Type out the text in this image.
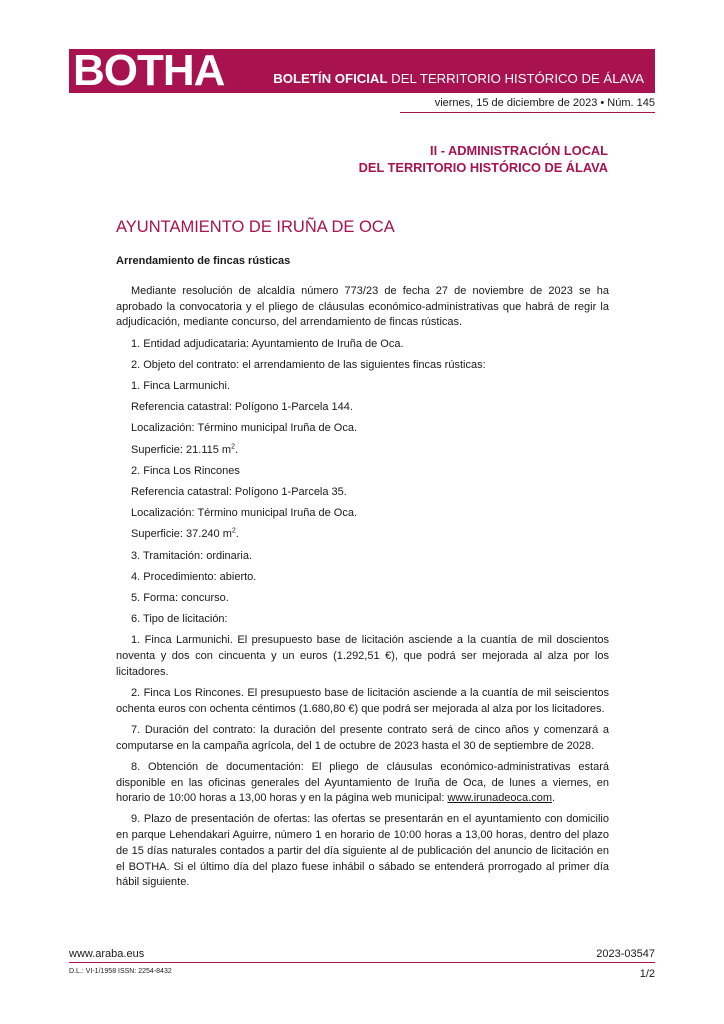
BOTHA	BOLETÍN OFICIAL DEL TERRITORIO HISTÓRICO DE ÁLAVA
viernes, 15 de diciembre de 2023 • Núm. 145
II - ADMINISTRACIÓN LOCAL
DEL TERRITORIO HISTÓRICO DE ÁLAVA
AYUNTAMIENTO DE IRUÑA DE OCA
Arrendamiento de fincas rústicas

Mediante resolución de alcaldía número 773/23 de fecha 27 de noviembre de 2023 se ha aprobado la convocatoria y el pliego de cláusulas económico-administrativas que habrá de regir la adjudicación, mediante concurso, del arrendamiento de fincas rústicas.

1. Entidad adjudicataria: Ayuntamiento de Iruña de Oca.

2. Objeto del contrato: el arrendamiento de las siguientes fincas rústicas:

1. Finca Larmunichi.

Referencia catastral: Polígono 1-Parcela 144.

Localización: Término municipal Iruña de Oca.

Superficie: 21.115 $m^2$.

2. Finca Los Rincones

Referencia catastral: Polígono 1-Parcela 35.

Localización: Término municipal Iruña de Oca.

Superficie: 37.240 $m^2$.

3. Tramitación: ordinaria.

4. Procedimiento: abierto.

5. Forma: concurso.

6. Tipo de licitación:

1. Finca Larmunichi. El presupuesto base de licitación asciende a la cuantía de mil doscientos noventa y dos con cincuenta y un euros (1.292,51 €), que podrá ser mejorada al alza por los licitadores.

2. Finca Los Rincones. El presupuesto base de licitación asciende a la cuantía de mil seiscientos ochenta euros con ochenta céntimos (1.680,80 €) que podrá ser mejorada al alza por los licitadores.

7. Duración del contrato: la duración del presente contrato será de cinco años y comenzará a computarse en la campaña agrícola, del 1 de octubre de 2023 hasta el 30 de septiembre de 2028.

8. Obtención de documentación: El pliego de cláusulas económico-administrativas estará disponible en las oficinas generales del Ayuntamiento de Iruña de Oca, de lunes a viernes, en horario de 10:00 horas a 13,00 horas y en la página web municipal: www.irunadeoca.com.

9. Plazo de presentación de ofertas: las ofertas se presentarán en el ayuntamiento con domicilio en parque Lehendakari Aguirre, número 1 en horario de 10:00 horas a 13,00 horas, dentro del plazo de 15 días naturales contados a partir del día siguiente al de publicación del anuncio de licitación en el BOTHA. Si el último día del plazo fuese inhábil o sábado se entenderá prorrogado al primer día hábil siguiente.

www.araba.eus	2023-03547
D.L.: VI-1/1958 ISSN: 2254-8432	1/2
